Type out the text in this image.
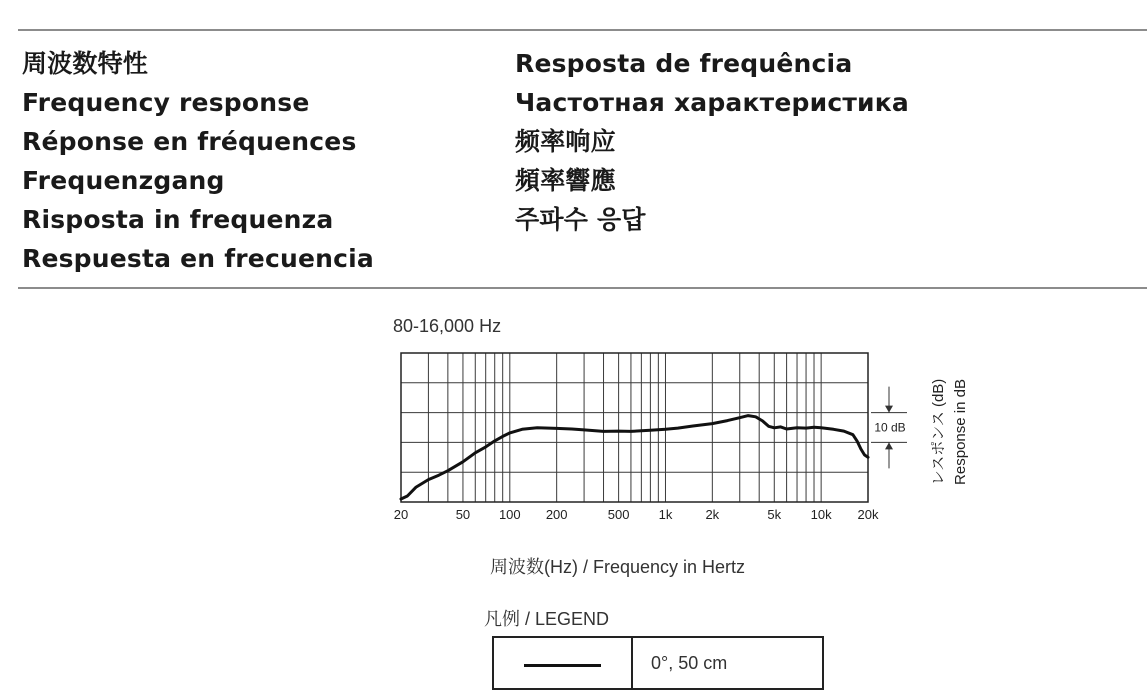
周波数特性
Frequency response
Réponse en fréquences
Frequenzgang
Risposta in frequenza
Respuesta en frecuencia
Resposta de frequência
Частотная характеристика
频率响应
頻率響應
주파수 응답
80-16,000 Hz
20	50 100 200	500 1k	2k	5k 10k 20k
10 dB レスポンス (dB) Response in dB
周波数(Hz) / Frequency in Hertz
凡例 / LEGEND
0°, 50 cm
